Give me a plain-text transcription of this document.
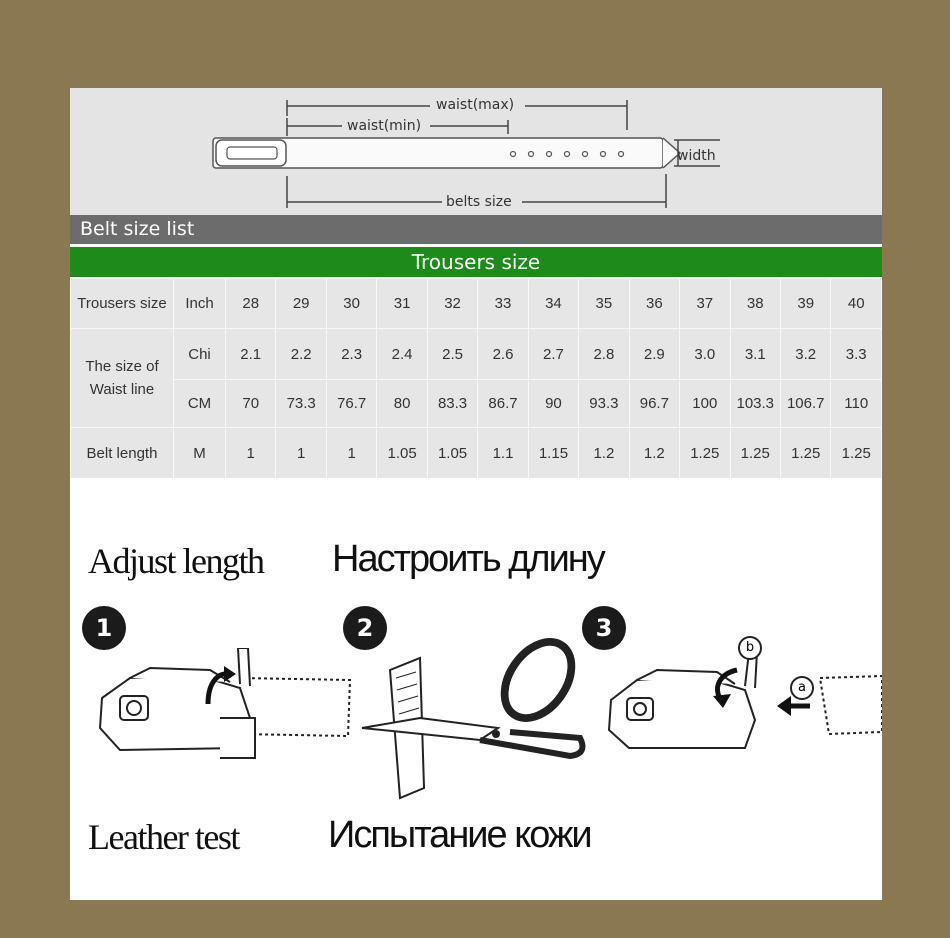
waist(max)
waist(min)
width
belts size
Belt size list
Trousers size
Trousers size	Inch	28	29	30	31	32	33	34	35	36	37	38	39	40

The size of
Waist line	Chi	2.1	2.2	2.3	2.4	2.5	2.6	2.7	2.8	2.9	3.0	3.1	3.2	3.3
	CM	70	73.3	76.7	80	83.3	86.7	90	93.3	96.7	100	103.3	106.7	110
Belt length	M	1	1	1	1.05	1.05	1.1	1.15	1.2	1.2	1.25	1.25	1.25	1.25
Adjust length Настроить длину
1	2	3
b
a
Leather test Испытание кожи
